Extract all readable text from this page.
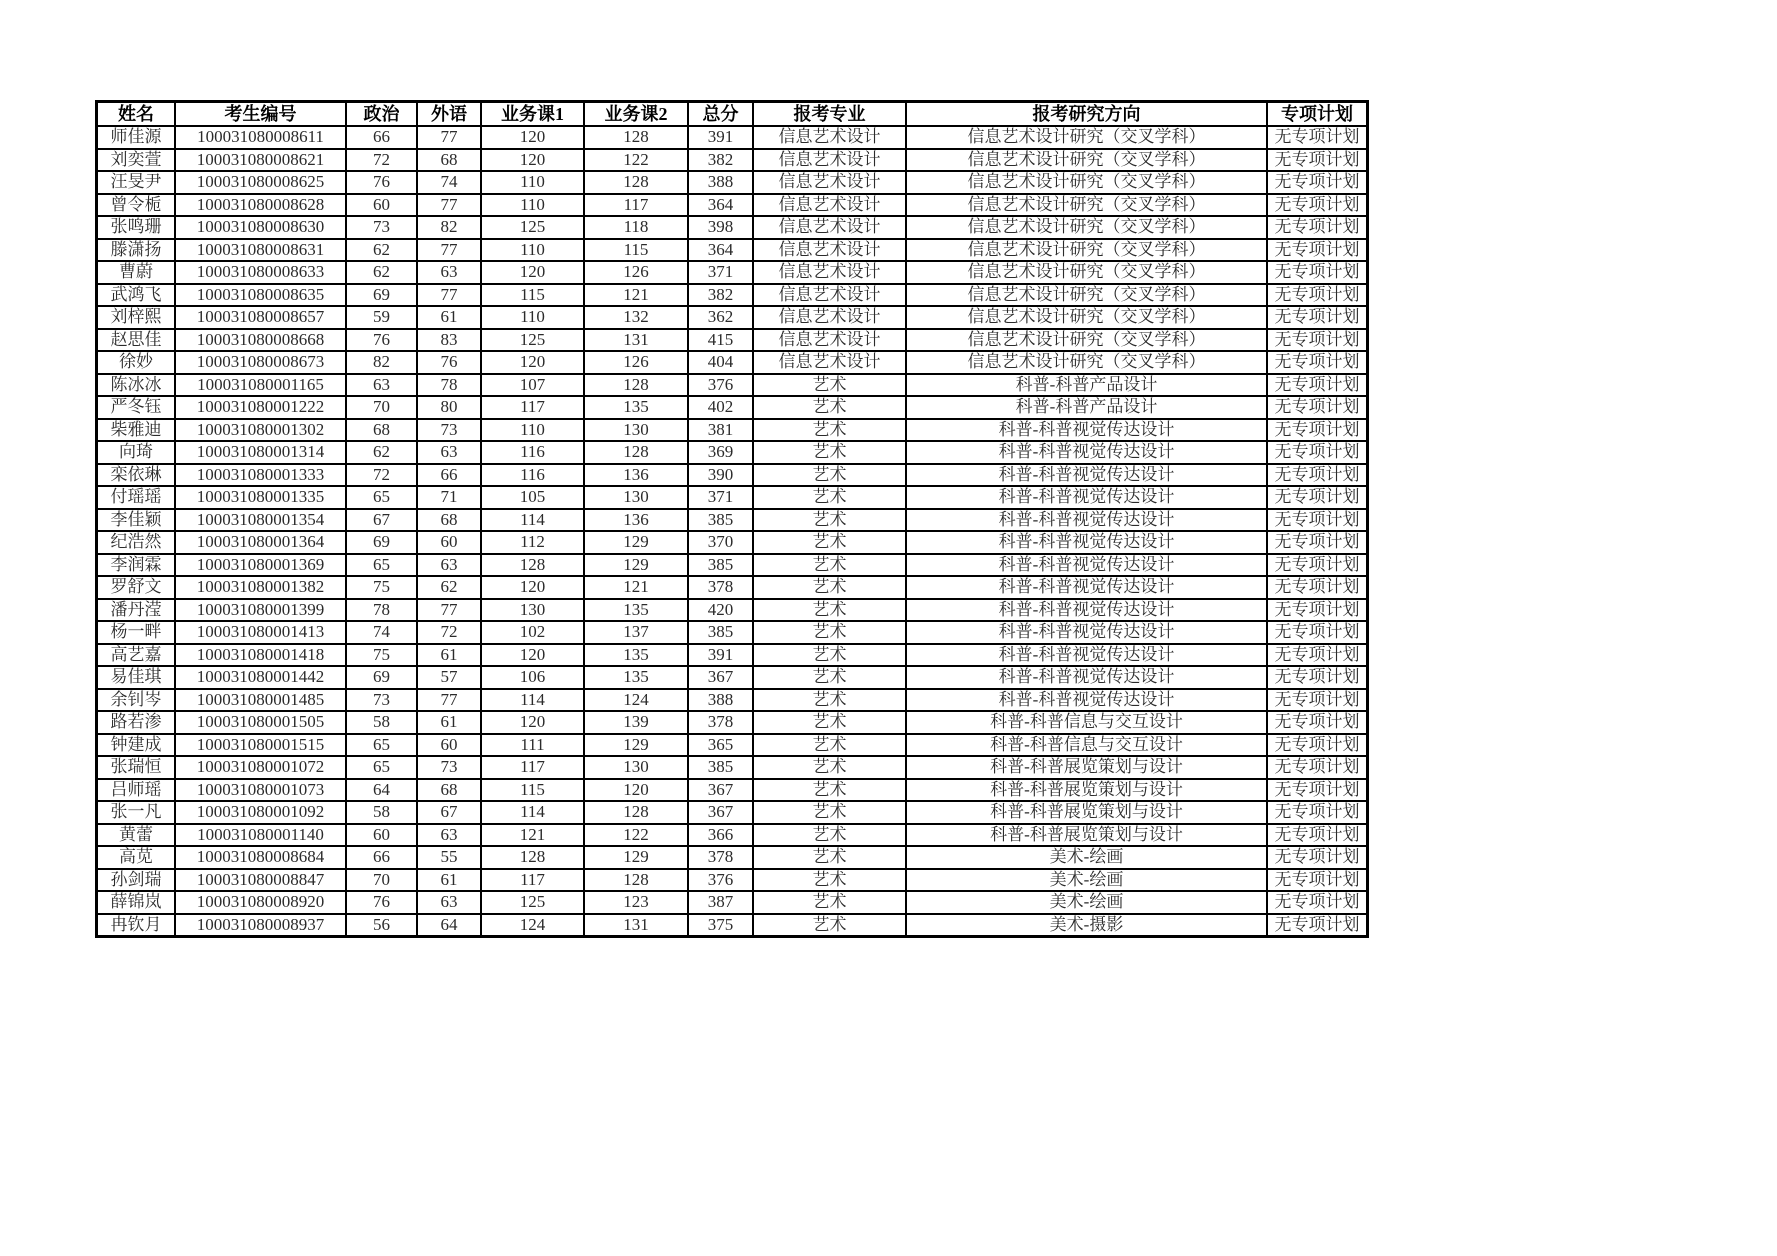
姓名	考生编号	政治	外语	业务课1	业务课2	总分	报考专业	报考研究方向	专项计划
师佳源	100031080008611	66	77	120	128	391	信息艺术设计	信息艺术设计研究（交叉学科）	无专项计划
刘奕萱	100031080008621	72	68	120	122	382	信息艺术设计	信息艺术设计研究（交叉学科）	无专项计划
汪旻尹	100031080008625	76	74	110	128	388	信息艺术设计	信息艺术设计研究（交叉学科）	无专项计划
曾令栀	100031080008628	60	77	110	117	364	信息艺术设计	信息艺术设计研究（交叉学科）	无专项计划
张鸣珊	100031080008630	73	82	125	118	398	信息艺术设计	信息艺术设计研究（交叉学科）	无专项计划
滕潇扬	100031080008631	62	77	110	115	364	信息艺术设计	信息艺术设计研究（交叉学科）	无专项计划
曹蔚	100031080008633	62	63	120	126	371	信息艺术设计	信息艺术设计研究（交叉学科）	无专项计划
武鸿飞	100031080008635	69	77	115	121	382	信息艺术设计	信息艺术设计研究（交叉学科）	无专项计划
刘梓熙	100031080008657	59	61	110	132	362	信息艺术设计	信息艺术设计研究（交叉学科）	无专项计划
赵思佳	100031080008668	76	83	125	131	415	信息艺术设计	信息艺术设计研究（交叉学科）	无专项计划
徐妙	100031080008673	82	76	120	126	404	信息艺术设计	信息艺术设计研究（交叉学科）	无专项计划
陈冰冰	100031080001165	63	78	107	128	376	艺术	科普-科普产品设计	无专项计划
严冬钰	100031080001222	70	80	117	135	402	艺术	科普-科普产品设计	无专项计划
柴雅迪	100031080001302	68	73	110	130	381	艺术	科普-科普视觉传达设计	无专项计划
向琦	100031080001314	62	63	116	128	369	艺术	科普-科普视觉传达设计	无专项计划
栾依琳	100031080001333	72	66	116	136	390	艺术	科普-科普视觉传达设计	无专项计划
付瑶瑶	100031080001335	65	71	105	130	371	艺术	科普-科普视觉传达设计	无专项计划
李佳颖	100031080001354	67	68	114	136	385	艺术	科普-科普视觉传达设计	无专项计划
纪浩然	100031080001364	69	60	112	129	370	艺术	科普-科普视觉传达设计	无专项计划
李润霖	100031080001369	65	63	128	129	385	艺术	科普-科普视觉传达设计	无专项计划
罗舒文	100031080001382	75	62	120	121	378	艺术	科普-科普视觉传达设计	无专项计划
潘丹滢	100031080001399	78	77	130	135	420	艺术	科普-科普视觉传达设计	无专项计划
杨一畔	100031080001413	74	72	102	137	385	艺术	科普-科普视觉传达设计	无专项计划
高艺嘉	100031080001418	75	61	120	135	391	艺术	科普-科普视觉传达设计	无专项计划
易佳琪	100031080001442	69	57	106	135	367	艺术	科普-科普视觉传达设计	无专项计划
余钊岑	100031080001485	73	77	114	124	388	艺术	科普-科普视觉传达设计	无专项计划
路若渗	100031080001505	58	61	120	139	378	艺术	科普-科普信息与交互设计	无专项计划
钟建成	100031080001515	65	60	111	129	365	艺术	科普-科普信息与交互设计	无专项计划
张瑞恒	100031080001072	65	73	117	130	385	艺术	科普-科普展览策划与设计	无专项计划
吕师瑶	100031080001073	64	68	115	120	367	艺术	科普-科普展览策划与设计	无专项计划
张一凡	100031080001092	58	67	114	128	367	艺术	科普-科普展览策划与设计	无专项计划
黄蕾	100031080001140	60	63	121	122	366	艺术	科普-科普展览策划与设计	无专项计划
高苋	100031080008684	66	55	128	129	378	艺术	美术-绘画	无专项计划
孙剑瑞	100031080008847	70	61	117	128	376	艺术	美术-绘画	无专项计划
薛锦岚	100031080008920	76	63	125	123	387	艺术	美术-绘画	无专项计划
冉钦月	100031080008937	56	64	124	131	375	艺术	美术-摄影	无专项计划
